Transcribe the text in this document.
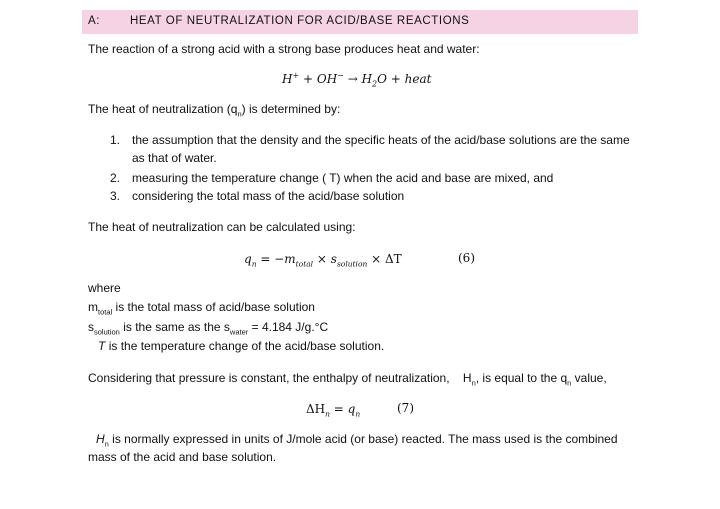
A:	HEAT OF NEUTRALIZATION FOR ACID/BASE REACTIONS
The reaction of a strong acid with a strong base produces heat and water:
$H^+ + OH^- \to H_2O$ + heat
The heat of neutralization $(q_n)$ is determined by:
1. the assumption that the density and the specific heats of the acid/base solutions are the same
as that of water.
2. measuring the temperature change ( T) when the acid and base are mixed, and
3. considering the total mass of the acid/base solution
The heat of neutralization can be calculated using:
$q_n = -m_{total} \times s_{solution} \times \Delta T$	(6)
where
$m_{total}$ is the total mass of acid/base solution
$s_{solution}$ is the same as the $s_{water} = 4.184$ J/g.°C
T is the temperature change of the acid/base solution.
Considering that pressure is constant, the enthalpy of neutralization,    $H_n$, is equal to the $q_n$ value,
$\Delta H_n = q_n$	(7)
$H_n$ is normally expressed in units of J/mole acid (or base) reacted. The mass used is the combined
mass of the acid and base solution.
